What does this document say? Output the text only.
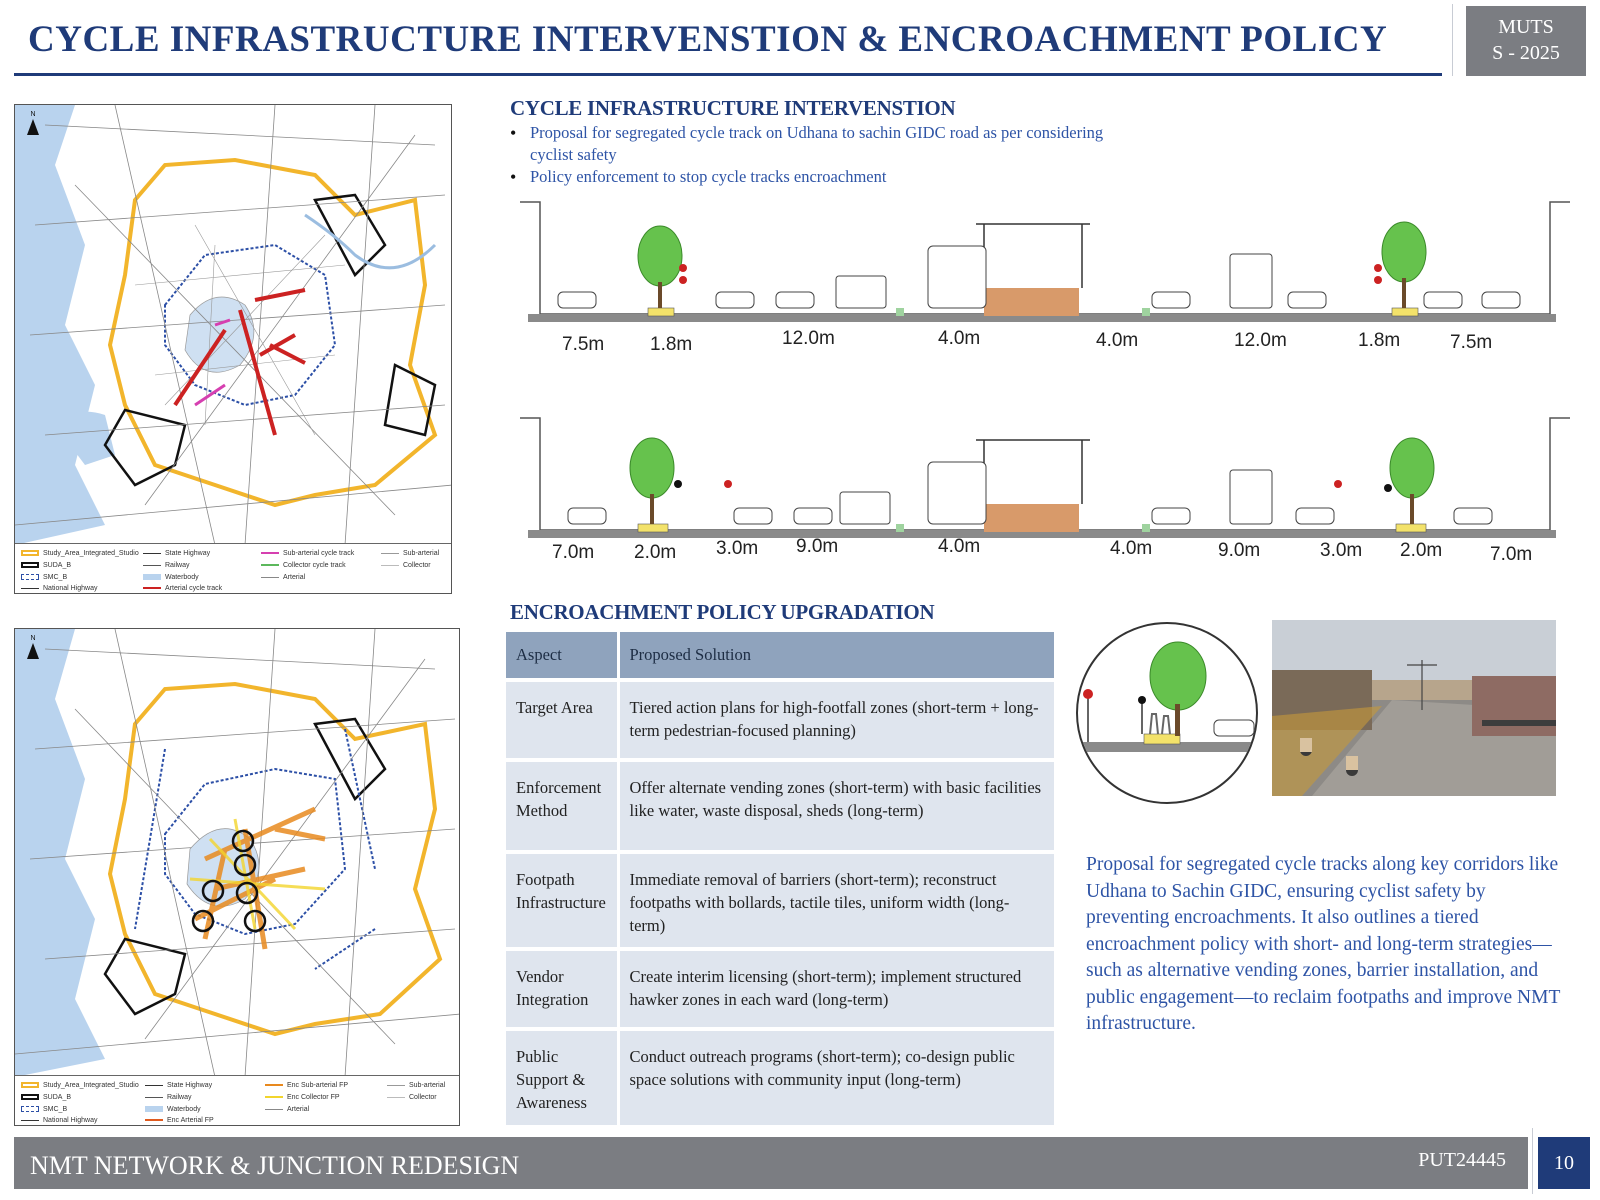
CYCLE INFRASTRUCTURE INTERVENSTION & ENCROACHMENT POLICY	MUTS
S - 2025
N
Study_Area_Integrated_Studio
SUDA_B
SMC_B
National Highway
State Highway
Railway
Waterbody
Arterial cycle track
Sub-arterial cycle track
Collector cycle track
Arterial
Sub-arterial
Collector
N
Study_Area_Integrated_Studio
SUDA_B
SMC_B
National Highway
State Highway
Railway
Waterbody
Enc Arterial FP
Enc Sub-arterial FP
Enc Collector FP
Arterial
Sub-arterial
Collector
CYCLE INFRASTRUCTURE INTERVENSTION
• Proposal for segregated cycle track on Udhana to sachin GIDC road as per considering cyclist safety
• Policy enforcement to stop cycle tracks encroachment
7.5m 1.8m	12.0m	4.0m	4.0m	12.0m	1.8m	7.5m
7.0m 2.0m 3.0m 9.0m	4.0m	4.0m	9.0m	3.0m 2.0m	7.0m
ENCROACHMENT POLICY UPGRADATION
Aspect	Proposed Solution
Target Area	Tiered action plans for high-footfall zones (short-term + long-term pedestrian-focused planning)
Enforcement Method	Offer alternate vending zones (short-term) with basic facilities like water, waste disposal, sheds (long-term)
Footpath Infrastructure	Immediate removal of barriers (short-term); reconstruct footpaths with bollards, tactile tiles, uniform width (long-term)
Vendor Integration	Create interim licensing (short-term); implement structured hawker zones in each ward (long-term)
Public Support & Awareness	Conduct outreach programs (short-term); co-design public space solutions with community input (long-term)
Proposal for segregated cycle tracks along key corridors like Udhana to Sachin GIDC, ensuring cyclist safety by preventing encroachments. It also outlines a tiered encroachment policy with short- and long-term strategies—such as alternative vending zones, barrier installation, and public engagement—to reclaim footpaths and improve NMT infrastructure.
NMT NETWORK & JUNCTION REDESIGN	PUT24445	10
